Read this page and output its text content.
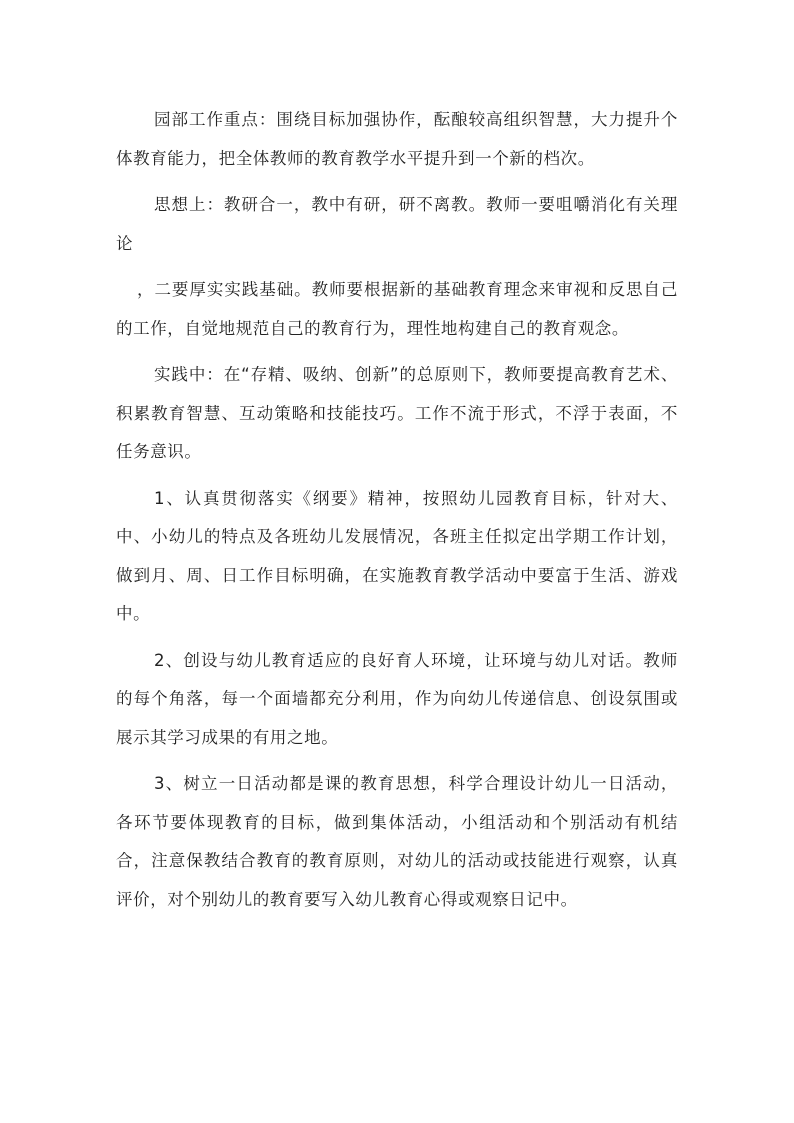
园部工作重点：围绕目标加强协作，酝酿较高组织智慧，大力提升个体教育能力，把全体教师的教育教学水平提升到一个新的档次。

思想上：教研合一，教中有研，研不离教。教师一要咀嚼消化有关理论

，二要厚实实践基础。教师要根据新的基础教育理念来审视和反思自己的工作，自觉地规范自己的教育行为，理性地构建自己的教育观念。

实践中：在“存精、吸纳、创新”的总原则下，教师要提高教育艺术、积累教育智慧、互动策略和技能技巧。工作不流于形式，不浮于表面，不任务意识。

1、认真贯彻落实《纲要》精神，按照幼儿园教育目标，针对大、中、小幼儿的特点及各班幼儿发展情况，各班主任拟定出学期工作计划，做到月、周、日工作目标明确，在实施教育教学活动中要富于生活、游戏中。

2、创设与幼儿教育适应的良好育人环境，让环境与幼儿对话。教师的每个角落，每一个面墙都充分利用，作为向幼儿传递信息、创设氛围或展示其学习成果的有用之地。

3、树立一日活动都是课的教育思想，科学合理设计幼儿一日活动，各环节要体现教育的目标，做到集体活动，小组活动和个别活动有机结合，注意保教结合教育的教育原则，对幼儿的活动或技能进行观察，认真评价，对个别幼儿的教育要写入幼儿教育心得或观察日记中。
